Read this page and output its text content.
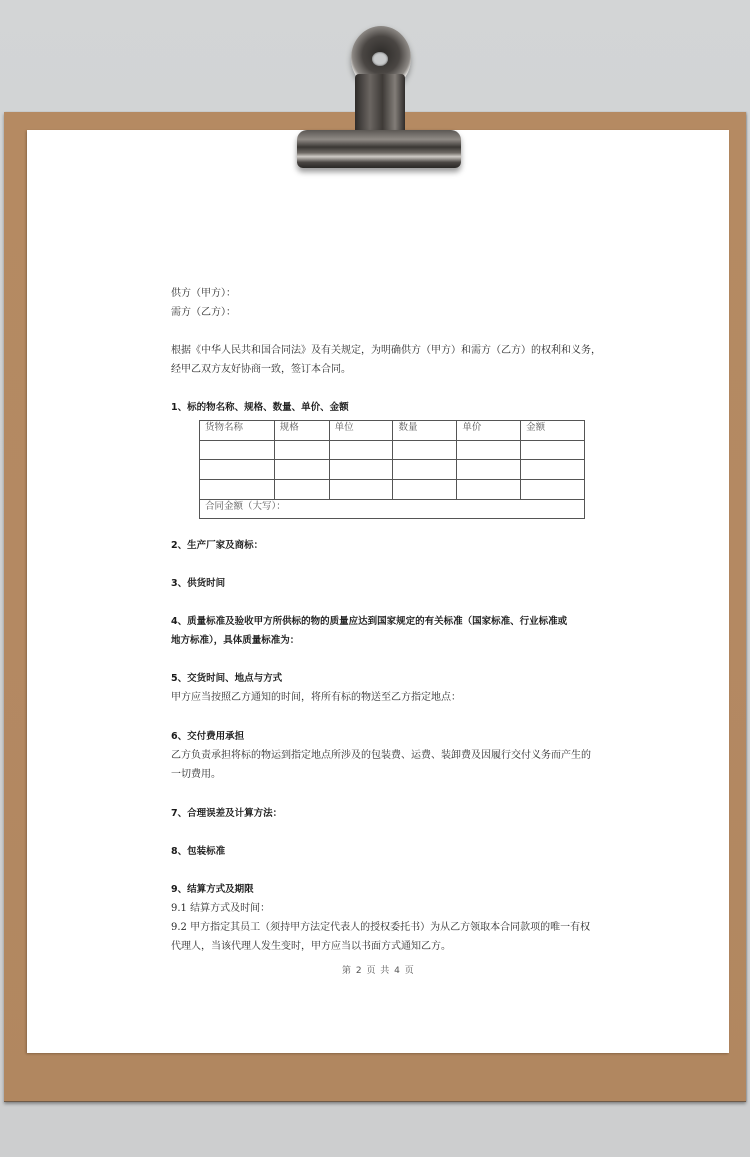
供方（甲方）：
需方（乙方）：
根据《中华人民共和国合同法》及有关规定，为明确供方（甲方）和需方（乙方）的权利和义务，
经甲乙双方友好协商一致，签订本合同。
1、标的物名称、规格、数量、单价、金额
货物名称	规格	单位	数量	单价	金额

合同金额（大写）：					
2、生产厂家及商标：
3、供货时间
4、质量标准及验收甲方所供标的物的质量应达到国家规定的有关标准（国家标准、行业标准或
地方标准），具体质量标准为：
5、交货时间、地点与方式
甲方应当按照乙方通知的时间，将所有标的物送至乙方指定地点：
6、交付费用承担
乙方负责承担将标的物运到指定地点所涉及的包装费、运费、装卸费及因履行交付义务而产生的
一切费用。
7、合理误差及计算方法：
8、包装标准
9、结算方式及期限
9.1 结算方式及时间：
9.2 甲方指定其员工（须持甲方法定代表人的授权委托书）为从乙方领取本合同款项的唯一有权
代理人，当该代理人发生变时，甲方应当以书面方式通知乙方。
第 2 页 共 4 页
